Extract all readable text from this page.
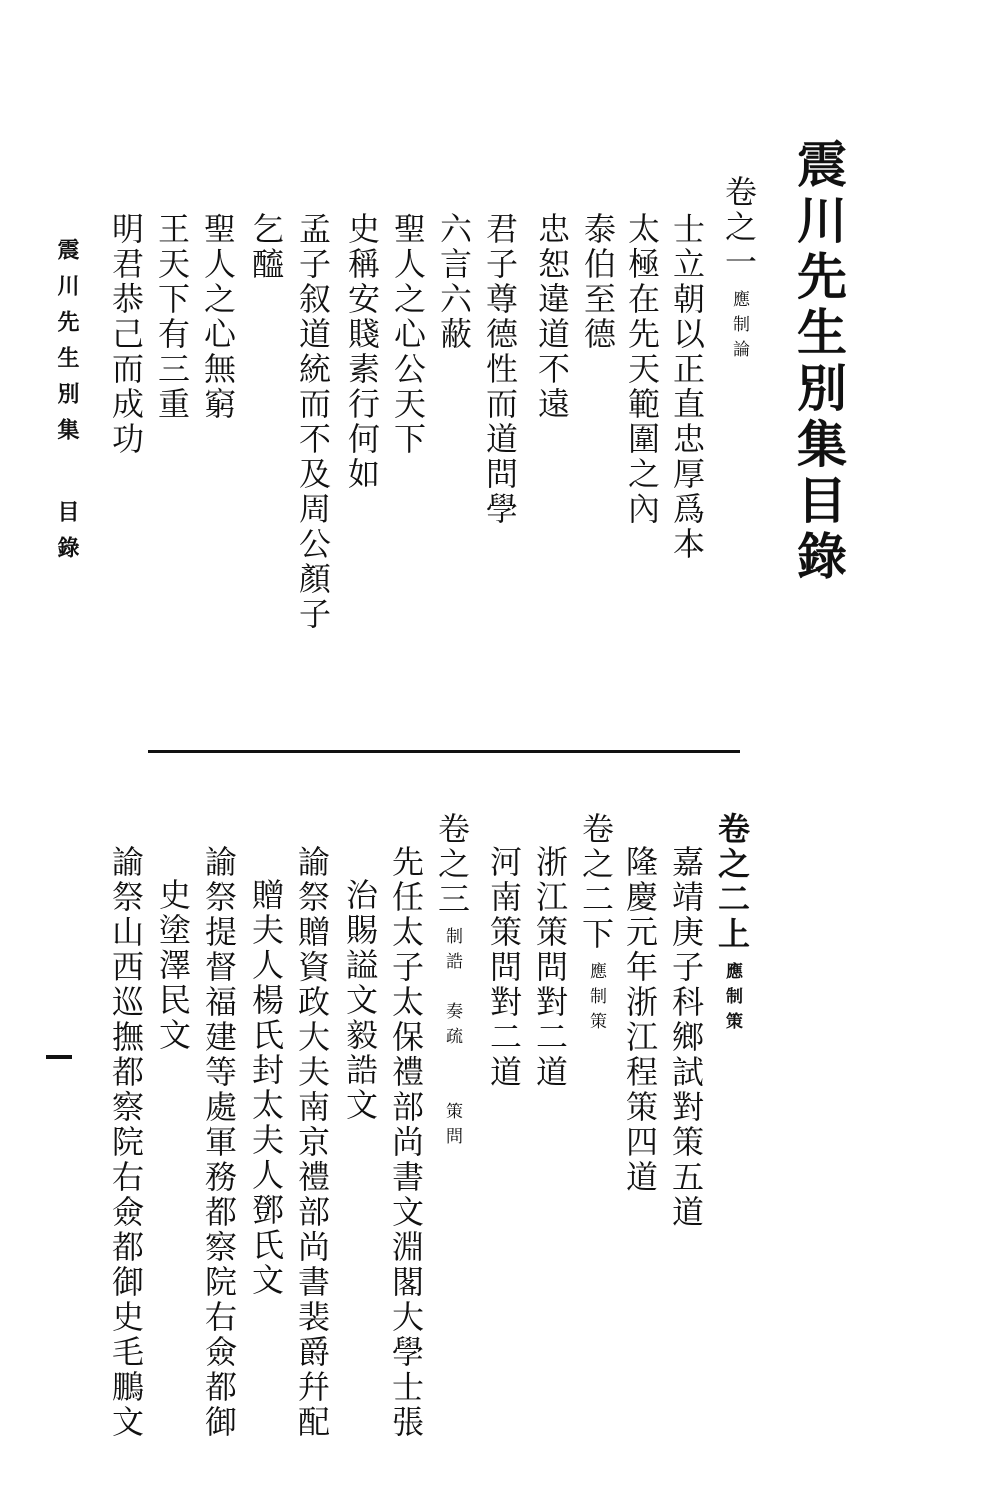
震川先生別集目錄
卷之一應制論
士立朝以正直忠厚爲本
太極在先天範圍之內
泰伯至德
忠恕違道不遠
君子尊德性而道問學
六言六蔽
聖人之心公天下
史稱安賤素行何如
孟子叙道統而不及周公顏子
乞醯
聖人之心無窮
王天下有三重
明君恭己而成功
震川先生別集目錄
卷之二上應制策
嘉靖庚子科鄉試對策五道
隆慶元年浙江程策四道
卷之二下應制策
浙江策問對二道
河南策問對二道
卷之三制誥　奏疏　　策問
先任太子太保禮部尚書文淵閣大學士張
治賜謚文毅誥文
諭祭贈資政大夫南京禮部尚書裴爵幷配
贈夫人楊氏封太夫人鄧氏文
諭祭提督福建等處軍務都察院右僉都御
史塗澤民文
諭祭山西巡撫都察院右僉都御史毛鵬文
